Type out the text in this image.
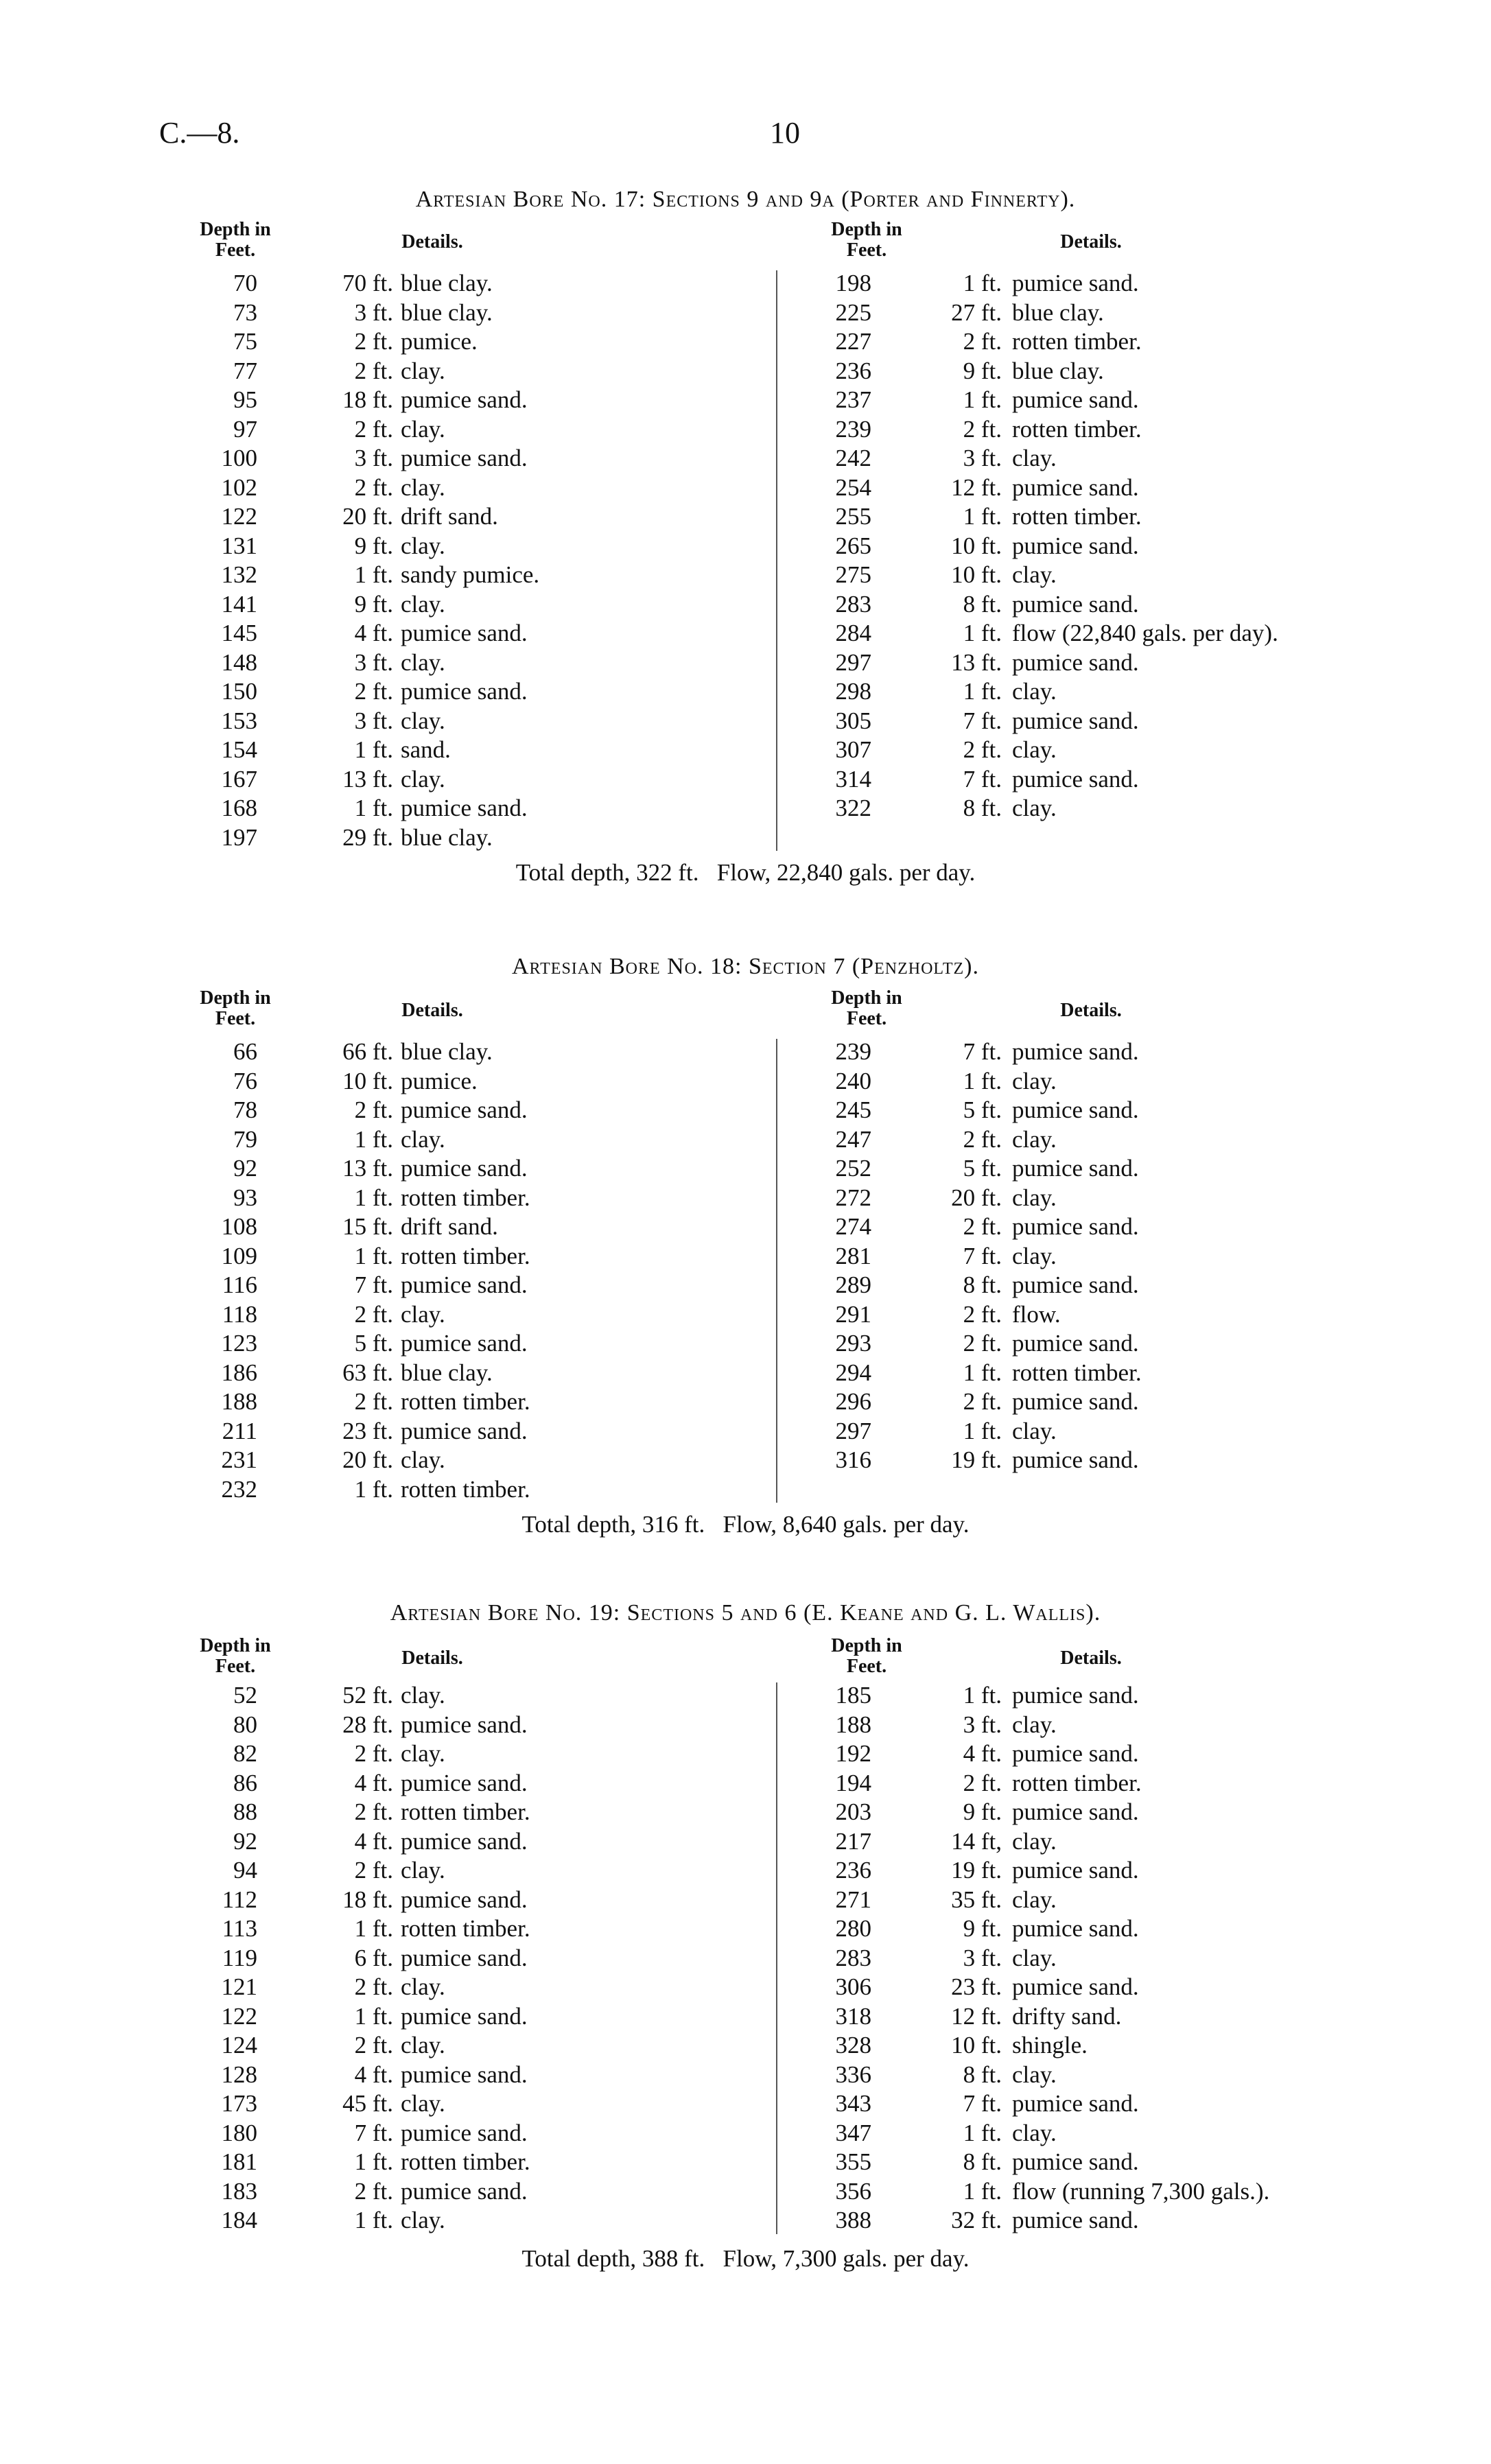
C.—8.	10
Artesian Bore No. 17: Sections 9 and 9a (Porter and Finnerty).
Depth in
Feet.	Details.
Depth in
Feet.	Details.
70	70 ft. blue clay.
73	3 ft. blue clay.
75	2 ft. pumice.
77	2 ft. clay.
95	18 ft. pumice sand.
97	2 ft. clay.
100	3 ft. pumice sand.
102	2 ft. clay.
122	20 ft. drift sand.
131	9 ft. clay.
132	1 ft. sandy pumice.
141	9 ft. clay.
145	4 ft. pumice sand.
148	3 ft. clay.
150	2 ft. pumice sand.
153	3 ft. clay.
154	1 ft. sand.
167	13 ft. clay.
168	1 ft. pumice sand.
197	29 ft. blue clay.
198	1 ft. pumice sand.
225	27 ft. blue clay.
227	2 ft. rotten timber.
236	9 ft. blue clay.
237	1 ft. pumice sand.
239	2 ft. rotten timber.
242	3 ft. clay.
254	12 ft. pumice sand.
255	1 ft. rotten timber.
265	10 ft. pumice sand.
275	10 ft. clay.
283	8 ft. pumice sand.
284	1 ft. flow (22,840 gals. per day).
297	13 ft. pumice sand.
298	1 ft. clay.
305	7 ft. pumice sand.
307	2 ft. clay.
314	7 ft. pumice sand.
322	8 ft. clay.
Total depth, 322 ft.   Flow, 22,840 gals. per day.
Artesian Bore No. 18: Section 7 (Penzholtz).
Depth in
Feet.	Details.
Depth in
Feet.	Details.
66	66 ft. blue clay.
76	10 ft. pumice.
78	2 ft. pumice sand.
79	1 ft. clay.
92	13 ft. pumice sand.
93	1 ft. rotten timber.
108	15 ft. drift sand.
109	1 ft. rotten timber.
116	7 ft. pumice sand.
118	2 ft. clay.
123	5 ft. pumice sand.
186	63 ft. blue clay.
188	2 ft. rotten timber.
211	23 ft. pumice sand.
231	20 ft. clay.
232	1 ft. rotten timber.
239	7 ft. pumice sand.
240	1 ft. clay.
245	5 ft. pumice sand.
247	2 ft. clay.
252	5 ft. pumice sand.
272	20 ft. clay.
274	2 ft. pumice sand.
281	7 ft. clay.
289	8 ft. pumice sand.
291	2 ft. flow.
293	2 ft. pumice sand.
294	1 ft. rotten timber.
296	2 ft. pumice sand.
297	1 ft. clay.
316	19 ft. pumice sand.
Total depth, 316 ft.   Flow, 8,640 gals. per day.
Artesian Bore No. 19: Sections 5 and 6 (E. Keane and G. L. Wallis).
Depth in
Feet.	Details.
Depth in
Feet.	Details.
52	52 ft. clay.
80	28 ft. pumice sand.
82	2 ft. clay.
86	4 ft. pumice sand.
88	2 ft. rotten timber.
92	4 ft. pumice sand.
94	2 ft. clay.
112	18 ft. pumice sand.
113	1 ft. rotten timber.
119	6 ft. pumice sand.
121	2 ft. clay.
122	1 ft. pumice sand.
124	2 ft. clay.
128	4 ft. pumice sand.
173	45 ft. clay.
180	7 ft. pumice sand.
181	1 ft. rotten timber.
183	2 ft. pumice sand.
184	1 ft. clay.
185	1 ft. pumice sand.
188	3 ft. clay.
192	4 ft. pumice sand.
194	2 ft. rotten timber.
203	9 ft. pumice sand.
217	14 ft, clay.
236	19 ft. pumice sand.
271	35 ft. clay.
280	9 ft. pumice sand.
283	3 ft. clay.
306	23 ft. pumice sand.
318	12 ft. drifty sand.
328	10 ft. shingle.
336	8 ft. clay.
343	7 ft. pumice sand.
347	1 ft. clay.
355	8 ft. pumice sand.
356	1 ft. flow (running 7,300 gals.).
388	32 ft. pumice sand.
Total depth, 388 ft.   Flow, 7,300 gals. per day.
